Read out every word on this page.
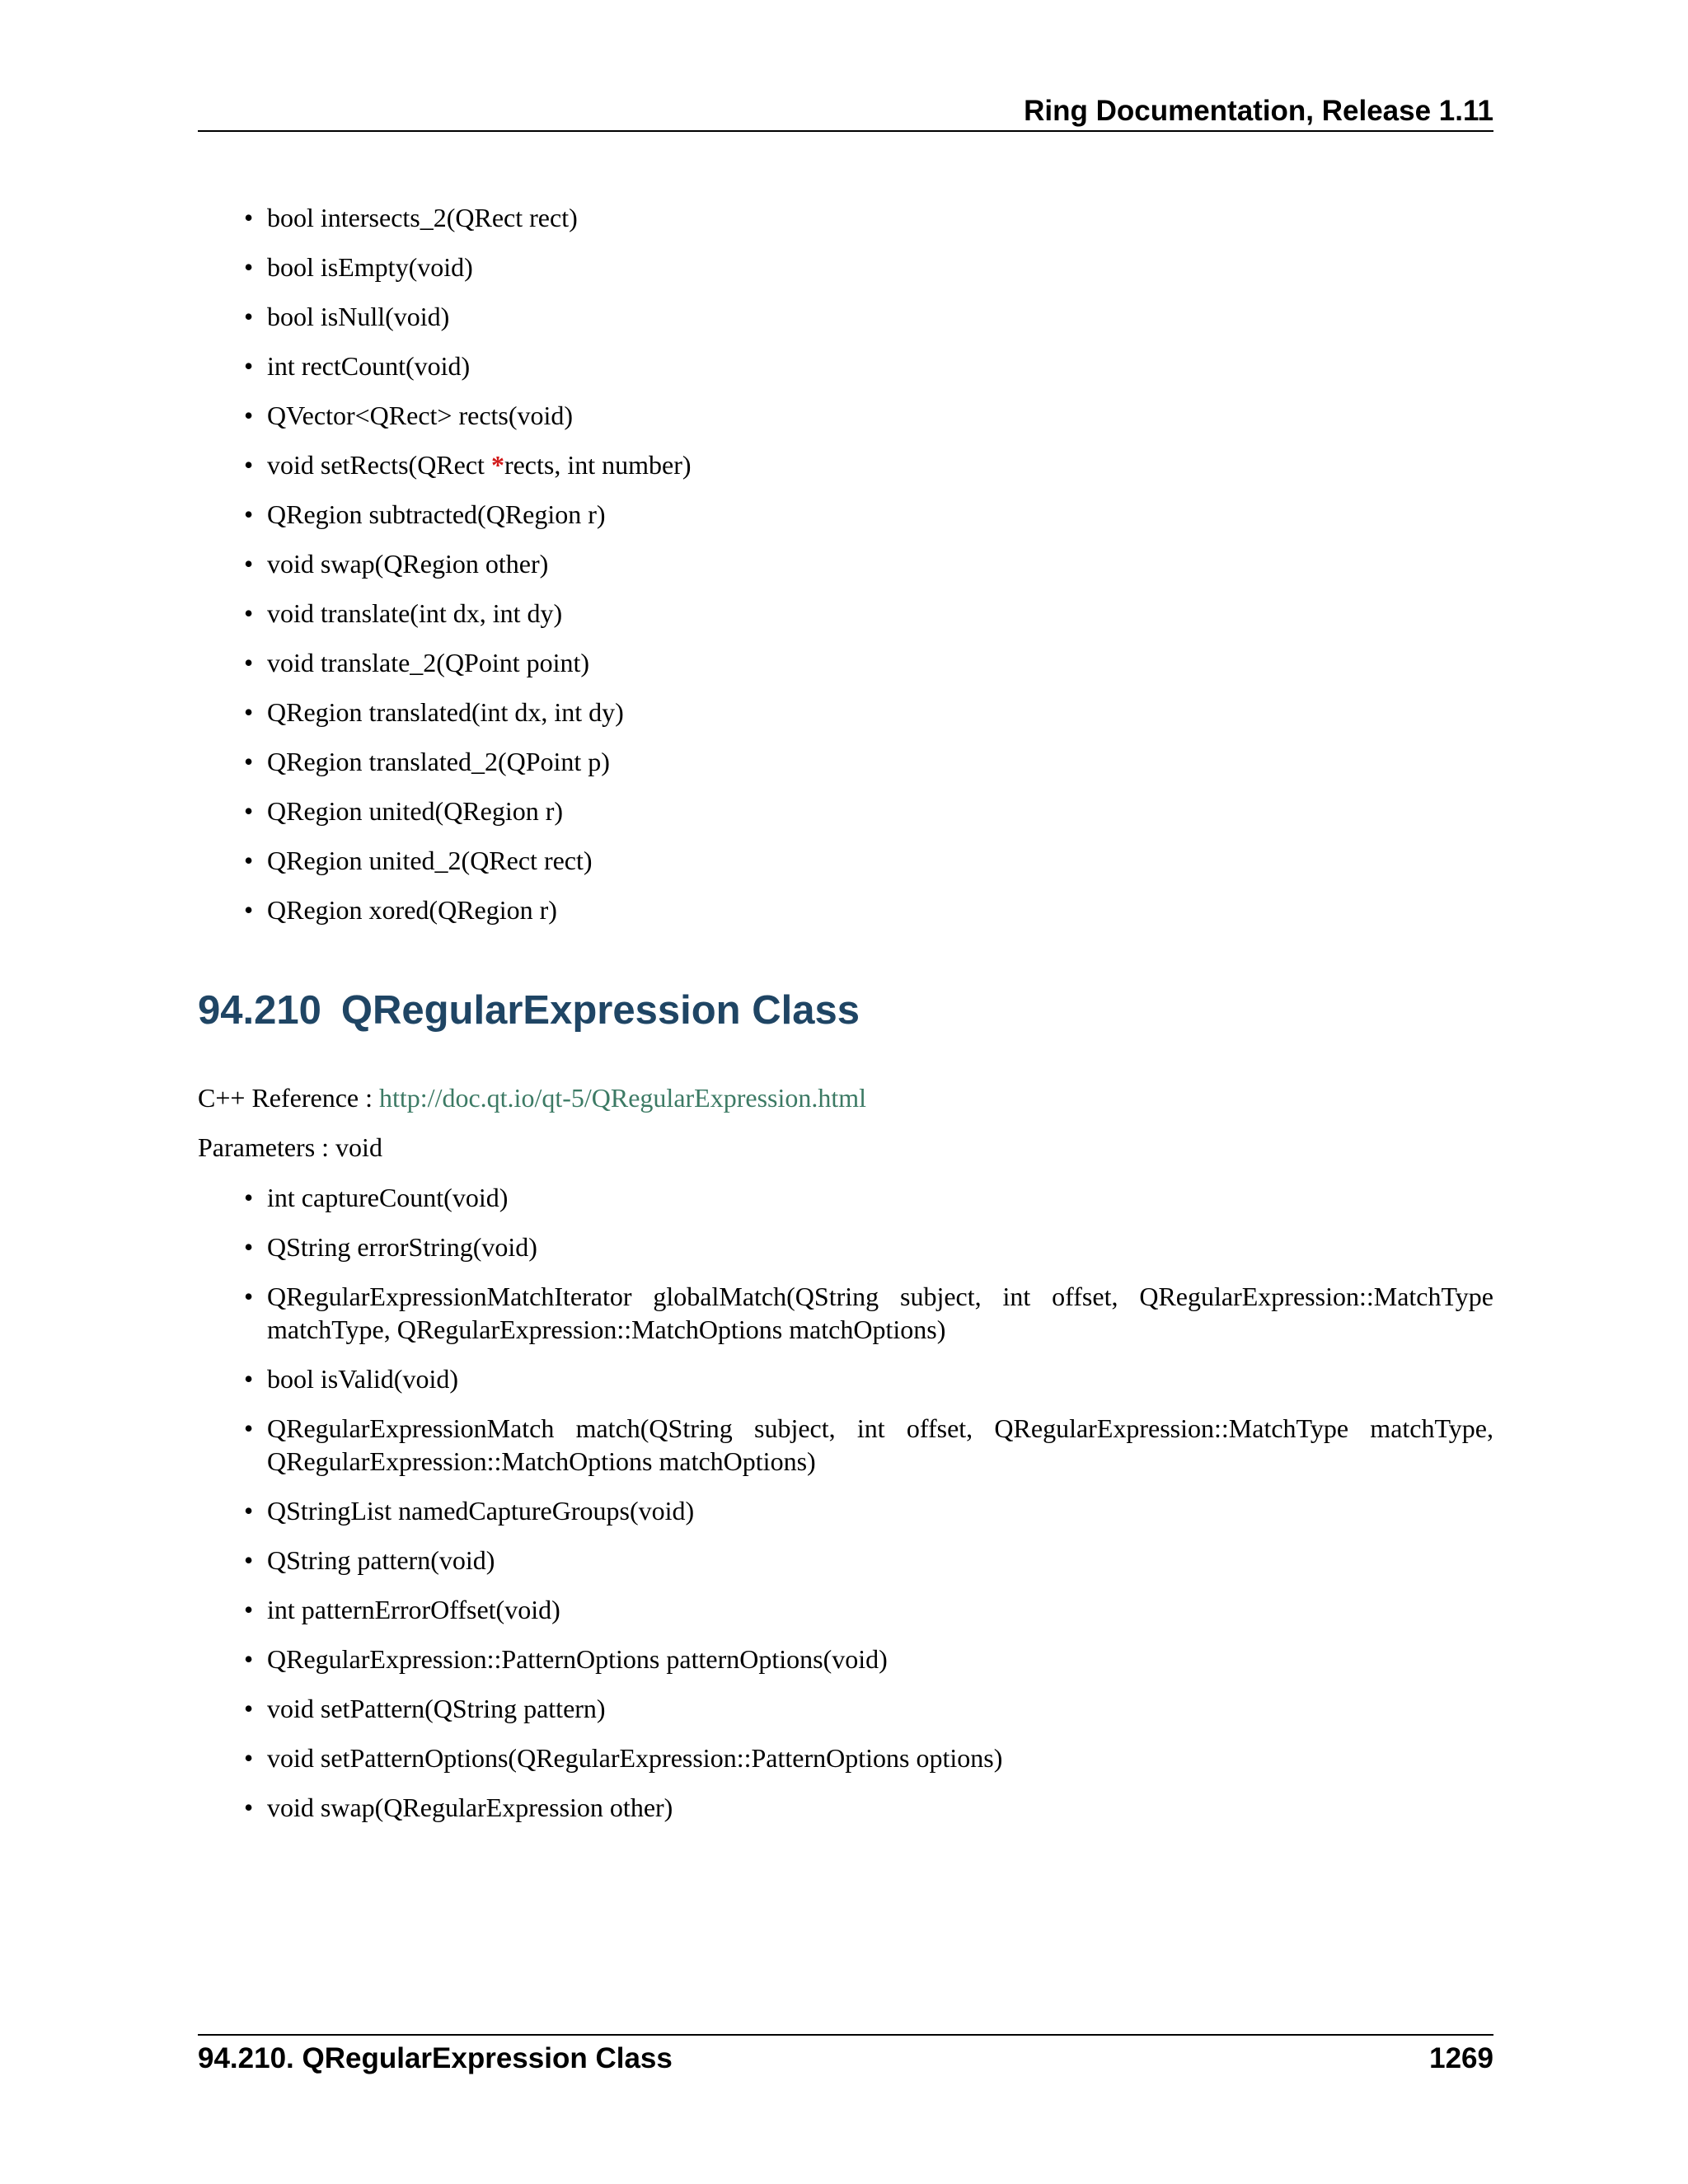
Ring Documentation, Release 1.11
• bool intersects_2(QRect rect)
• bool isEmpty(void)
• bool isNull(void)
• int rectCount(void)
• QVector<QRect> rects(void)
• void setRects(QRect *rects, int number)
• QRegion subtracted(QRegion r)
• void swap(QRegion other)
• void translate(int dx, int dy)
• void translate_2(QPoint point)
• QRegion translated(int dx, int dy)
• QRegion translated_2(QPoint p)
• QRegion united(QRegion r)
• QRegion united_2(QRect rect)
• QRegion xored(QRegion r)
94.210 QRegularExpression Class

C++ Reference : http://doc.qt.io/qt-5/QRegularExpression.html

Parameters : void

• int captureCount(void)
• QString errorString(void)
• QRegularExpressionMatchIterator globalMatch(QString subject, int offset, QRegularExpression::MatchType matchType, QRegularExpression::MatchOptions matchOptions)
• bool isValid(void)
• QRegularExpressionMatch match(QString subject, int offset, QRegularExpression::MatchType matchType, QRegularExpression::MatchOptions matchOptions)
• QStringList namedCaptureGroups(void)
• QString pattern(void)
• int patternErrorOffset(void)
• QRegularExpression::PatternOptions patternOptions(void)
• void setPattern(QString pattern)
• void setPatternOptions(QRegularExpression::PatternOptions options)
• void swap(QRegularExpression other)
94.210. QRegularExpression Class	1269
